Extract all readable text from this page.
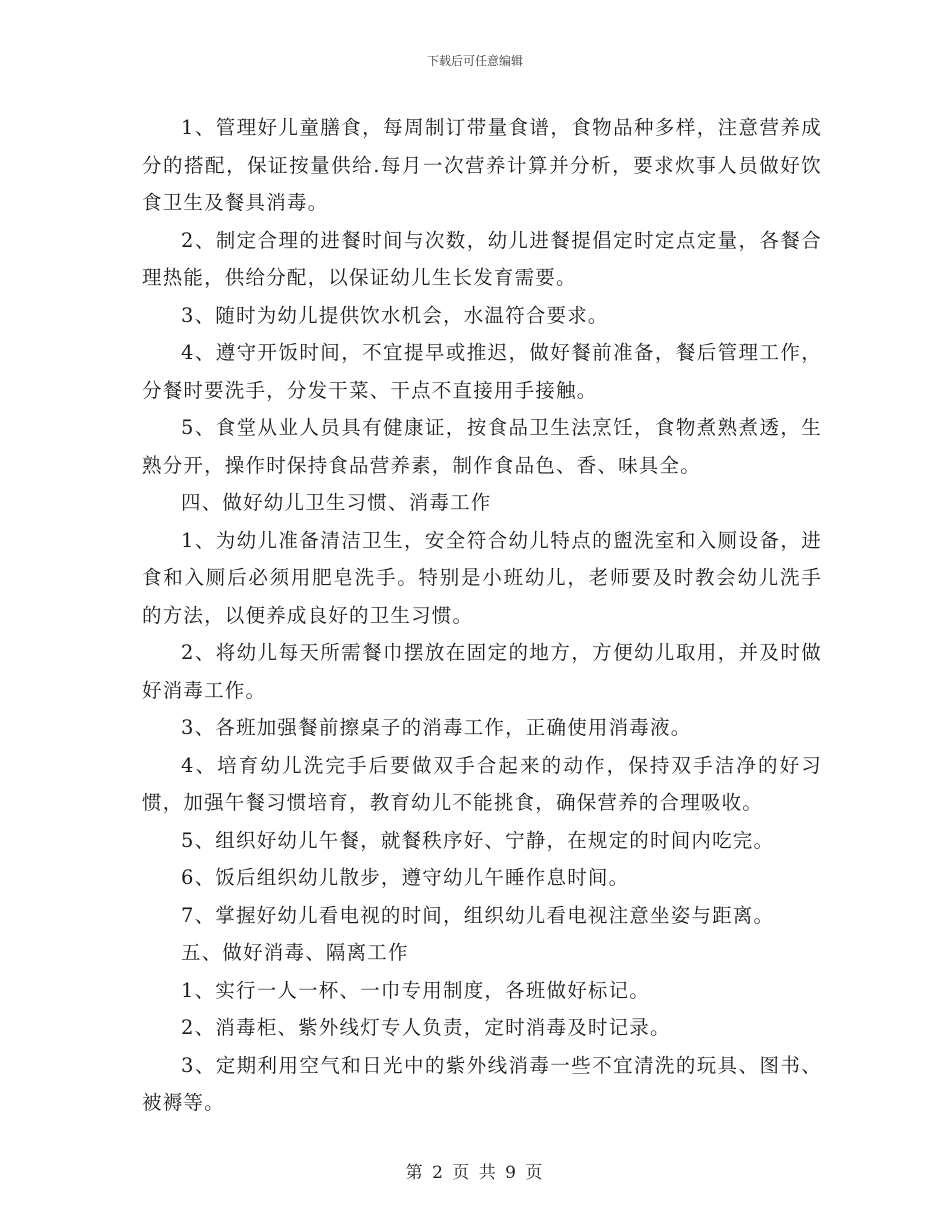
下载后可任意编辑

1、管理好儿童膳食，每周制订带量食谱，食物品种多样，注意营养成分的搭配，保证按量供给.每月一次营养计算并分析，要求炊事人员做好饮食卫生及餐具消毒。

2、制定合理的进餐时间与次数，幼儿进餐提倡定时定点定量，各餐合理热能，供给分配，以保证幼儿生长发育需要。

3、随时为幼儿提供饮水机会，水温符合要求。

4、遵守开饭时间，不宜提早或推迟，做好餐前准备，餐后管理工作，分餐时要洗手，分发干菜、干点不直接用手接触。

5、食堂从业人员具有健康证，按食品卫生法烹饪，食物煮熟煮透，生熟分开，操作时保持食品营养素，制作食品色、香、味具全。

四、做好幼儿卫生习惯、消毒工作

1、为幼儿准备清洁卫生，安全符合幼儿特点的盥洗室和入厕设备，进食和入厕后必须用肥皂洗手。特别是小班幼儿，老师要及时教会幼儿洗手的方法，以便养成良好的卫生习惯。

2、将幼儿每天所需餐巾摆放在固定的地方，方便幼儿取用，并及时做好消毒工作。

3、各班加强餐前擦桌子的消毒工作，正确使用消毒液。

4、培育幼儿洗完手后要做双手合起来的动作，保持双手洁净的好习惯，加强午餐习惯培育，教育幼儿不能挑食，确保营养的合理吸收。

5、组织好幼儿午餐，就餐秩序好、宁静，在规定的时间内吃完。

6、饭后组织幼儿散步，遵守幼儿午睡作息时间。

7、掌握好幼儿看电视的时间，组织幼儿看电视注意坐姿与距离。

五、做好消毒、隔离工作

1、实行一人一杯、一巾专用制度，各班做好标记。

2、消毒柜、紫外线灯专人负责，定时消毒及时记录。

3、定期利用空气和日光中的紫外线消毒一些不宜清洗的玩具、图书、被褥等。

第 2 页 共 9 页
